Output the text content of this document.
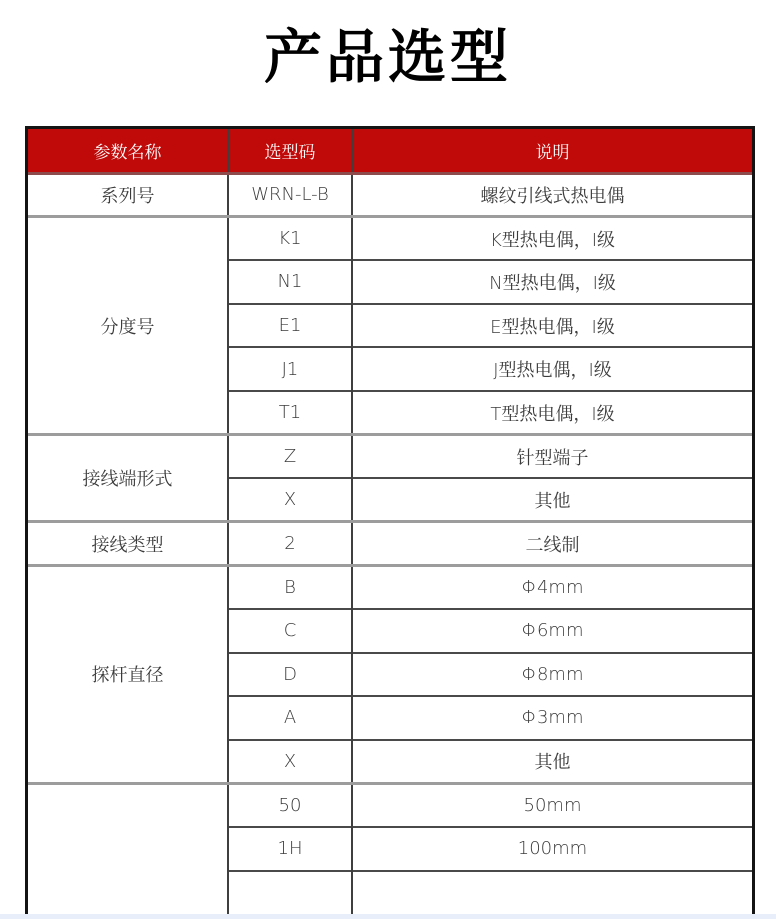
产品选型
参数名称	选型码	说明
系列号	WRN-L-B	螺纹引线式热电偶
分度号	K1	K型热电偶，Ⅰ级
	N1	N型热电偶，Ⅰ级
	E1	E型热电偶，Ⅰ级
	J1	J型热电偶，Ⅰ级
	T1	T型热电偶，Ⅰ级
接线端形式	Z	针型端子
	X	其他
接线类型	2	二线制
探杆直径	B	Φ4mm
	C	Φ6mm
	D	Φ8mm
	A	Φ3mm
	X	其他
	50	50mm
	1H	100mm
